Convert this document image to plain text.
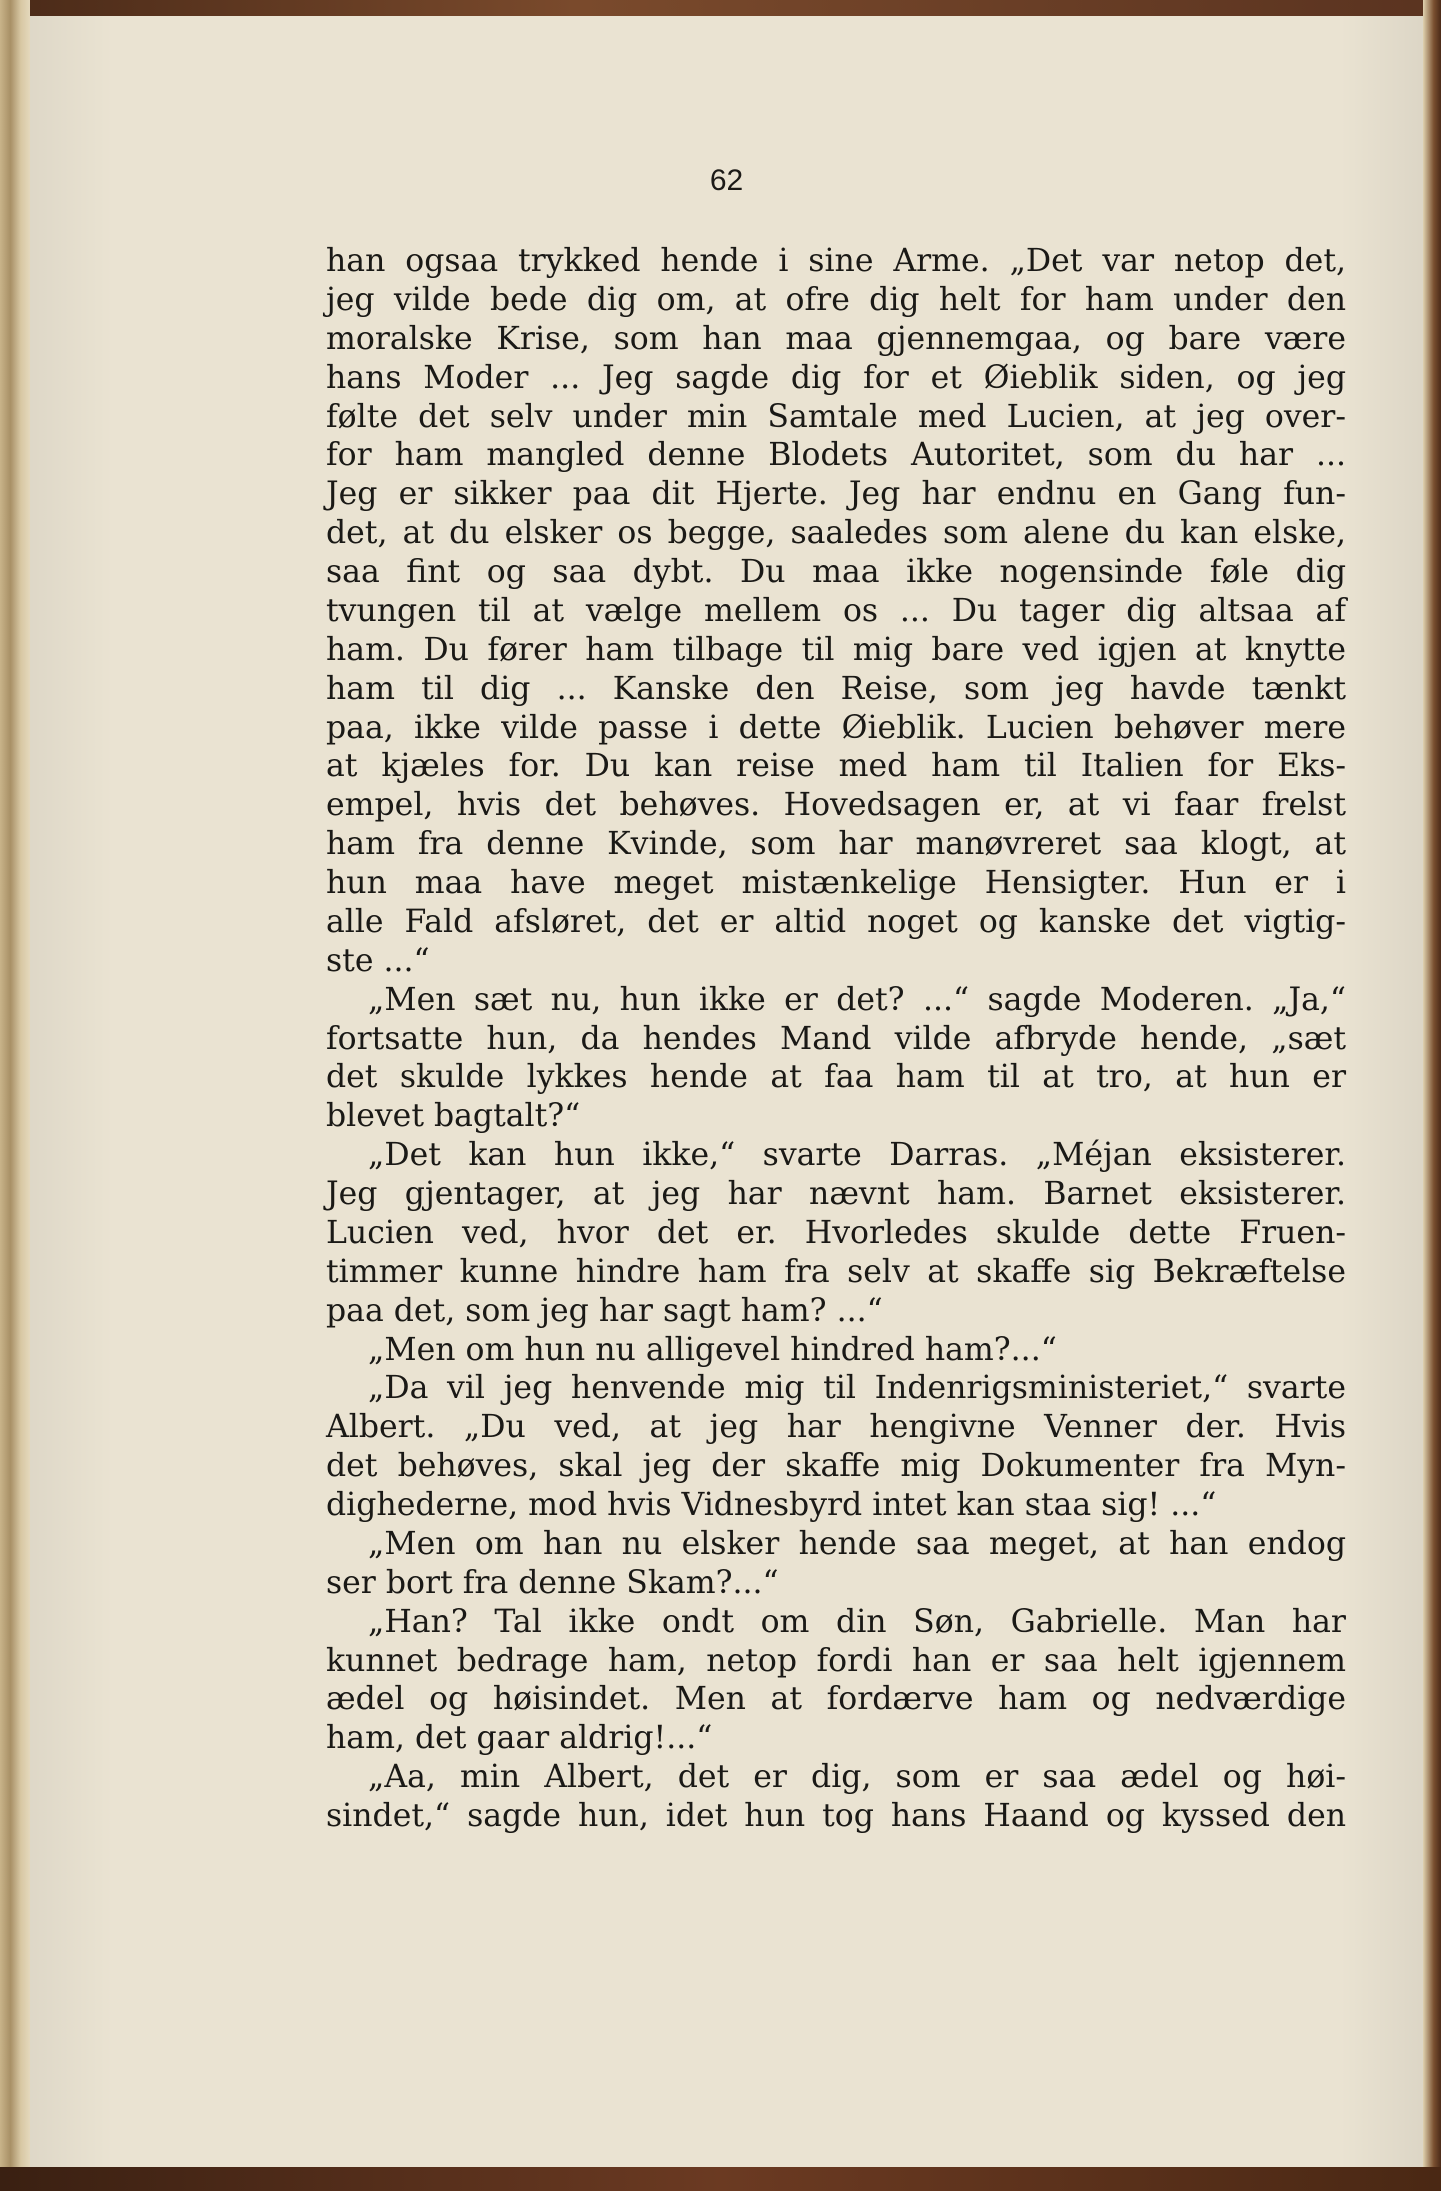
62
han ogsaa trykked hende i sine Arme. „Det var netop det,
jeg vilde bede dig om, at ofre dig helt for ham under den
moralske Krise, som han maa gjennemgaa, og bare være
hans Moder ... Jeg sagde dig for et Øieblik siden, og jeg
følte det selv under min Samtale med Lucien, at jeg over-
for ham mangled denne Blodets Autoritet, som du har ...
Jeg er sikker paa dit Hjerte. Jeg har endnu en Gang fun-
det, at du elsker os begge, saaledes som alene du kan elske,
saa fint og saa dybt. Du maa ikke nogensinde føle dig
tvungen til at vælge mellem os ... Du tager dig altsaa af
ham. Du fører ham tilbage til mig bare ved igjen at knytte
ham til dig ... Kanske den Reise, som jeg havde tænkt
paa, ikke vilde passe i dette Øieblik. Lucien behøver mere
at kjæles for. Du kan reise med ham til Italien for Eks-
empel, hvis det behøves. Hovedsagen er, at vi faar frelst
ham fra denne Kvinde, som har manøvreret saa klogt, at
hun maa have meget mistænkelige Hensigter. Hun er i
alle Fald afsløret, det er altid noget og kanske det vigtig-
ste ...“
„Men sæt nu, hun ikke er det? ...“ sagde Moderen. „Ja,“
fortsatte hun, da hendes Mand vilde afbryde hende, „sæt
det skulde lykkes hende at faa ham til at tro, at hun er
blevet bagtalt?“
„Det kan hun ikke,“ svarte Darras. „Méjan eksisterer.
Jeg gjentager, at jeg har nævnt ham. Barnet eksisterer.
Lucien ved, hvor det er. Hvorledes skulde dette Fruen-
timmer kunne hindre ham fra selv at skaffe sig Bekræftelse
paa det, som jeg har sagt ham? ...“
„Men om hun nu alligevel hindred ham?...“
„Da vil jeg henvende mig til Indenrigsministeriet,“ svarte
Albert. „Du ved, at jeg har hengivne Venner der. Hvis
det behøves, skal jeg der skaffe mig Dokumenter fra Myn-
dighederne, mod hvis Vidnesbyrd intet kan staa sig! ...“
„Men om han nu elsker hende saa meget, at han endog
ser bort fra denne Skam?...“
„Han? Tal ikke ondt om din Søn, Gabrielle. Man har
kunnet bedrage ham, netop fordi han er saa helt igjennem
ædel og høisindet. Men at fordærve ham og nedværdige
ham, det gaar aldrig!...“
„Aa, min Albert, det er dig, som er saa ædel og høi-
sindet,“ sagde hun, idet hun tog hans Haand og kyssed den
